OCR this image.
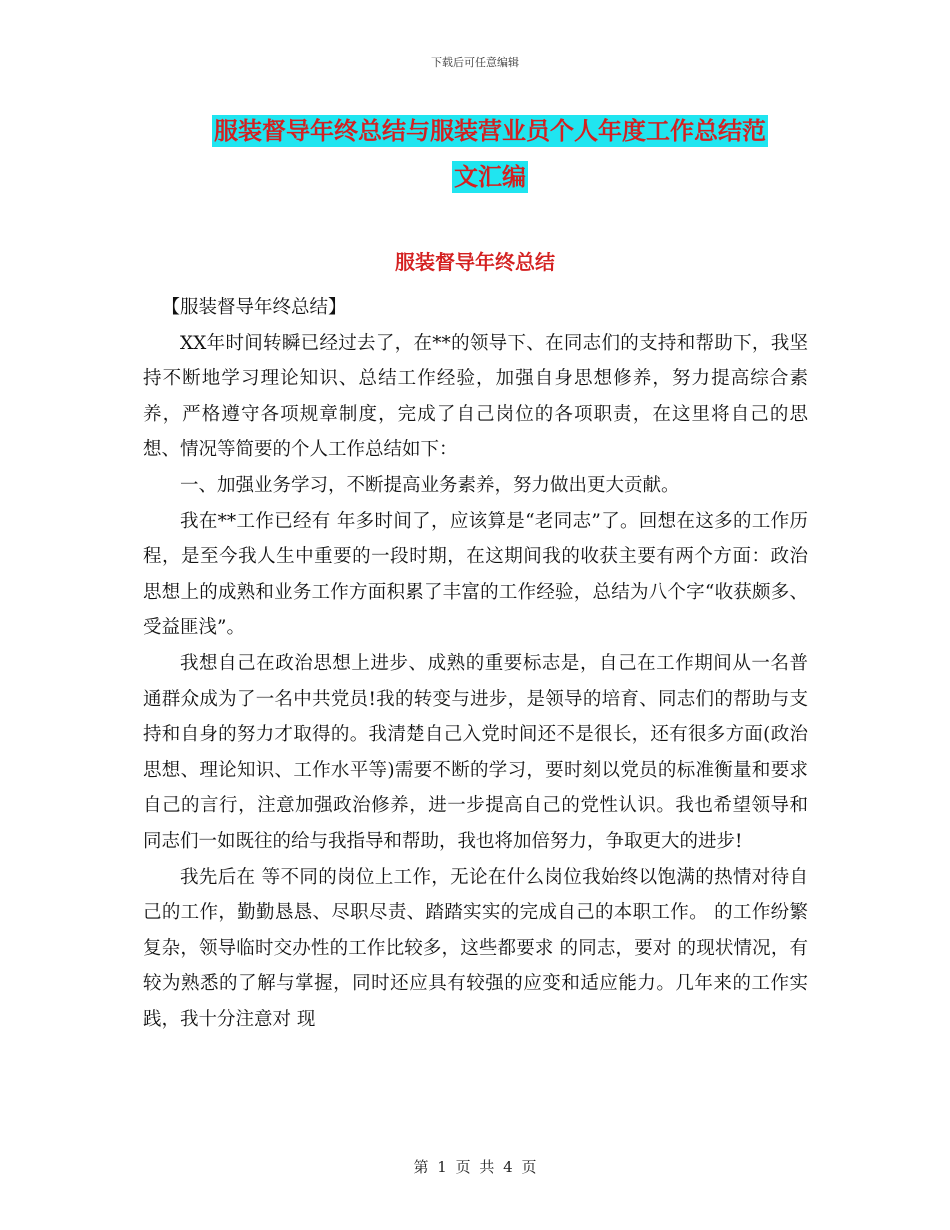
下载后可任意编辑
服装督导年终总结与服装营业员个人年度工作总结范
文汇编
服装督导年终总结

【服装督导年终总结】

XX年时间转瞬已经过去了，在**的领导下、在同志们的支持和帮助下，我坚持不断地学习理论知识、总结工作经验，加强自身思想修养，努力提高综合素养，严格遵守各项规章制度，完成了自己岗位的各项职责，在这里将自己的思想、情况等简要的个人工作总结如下：

一、加强业务学习，不断提高业务素养，努力做出更大贡献。

我在**工作已经有 年多时间了，应该算是“老同志”了。回想在这多的工作历程，是至今我人生中重要的一段时期，在这期间我的收获主要有两个方面：政治思想上的成熟和业务工作方面积累了丰富的工作经验，总结为八个字“收获颇多、受益匪浅”。

我想自己在政治思想上进步、成熟的重要标志是，自己在工作期间从一名普通群众成为了一名中共党员!我的转变与进步，是领导的培育、同志们的帮助与支持和自身的努力才取得的。我清楚自己入党时间还不是很长，还有很多方面(政治思想、理论知识、工作水平等)需要不断的学习，要时刻以党员的标准衡量和要求自己的言行，注意加强政治修养，进一步提高自己的党性认识。我也希望领导和同志们一如既往的给与我指导和帮助，我也将加倍努力，争取更大的进步!

我先后在 等不同的岗位上工作，无论在什么岗位我始终以饱满的热情对待自己的工作，勤勤恳恳、尽职尽责、踏踏实实的完成自己的本职工作。 的工作纷繁复杂，领导临时交办性的工作比较多，这些都要求 的同志，要对 的现状情况，有较为熟悉的了解与掌握，同时还应具有较强的应变和适应能力。几年来的工作实践，我十分注意对 现

第 1 页 共 4 页
